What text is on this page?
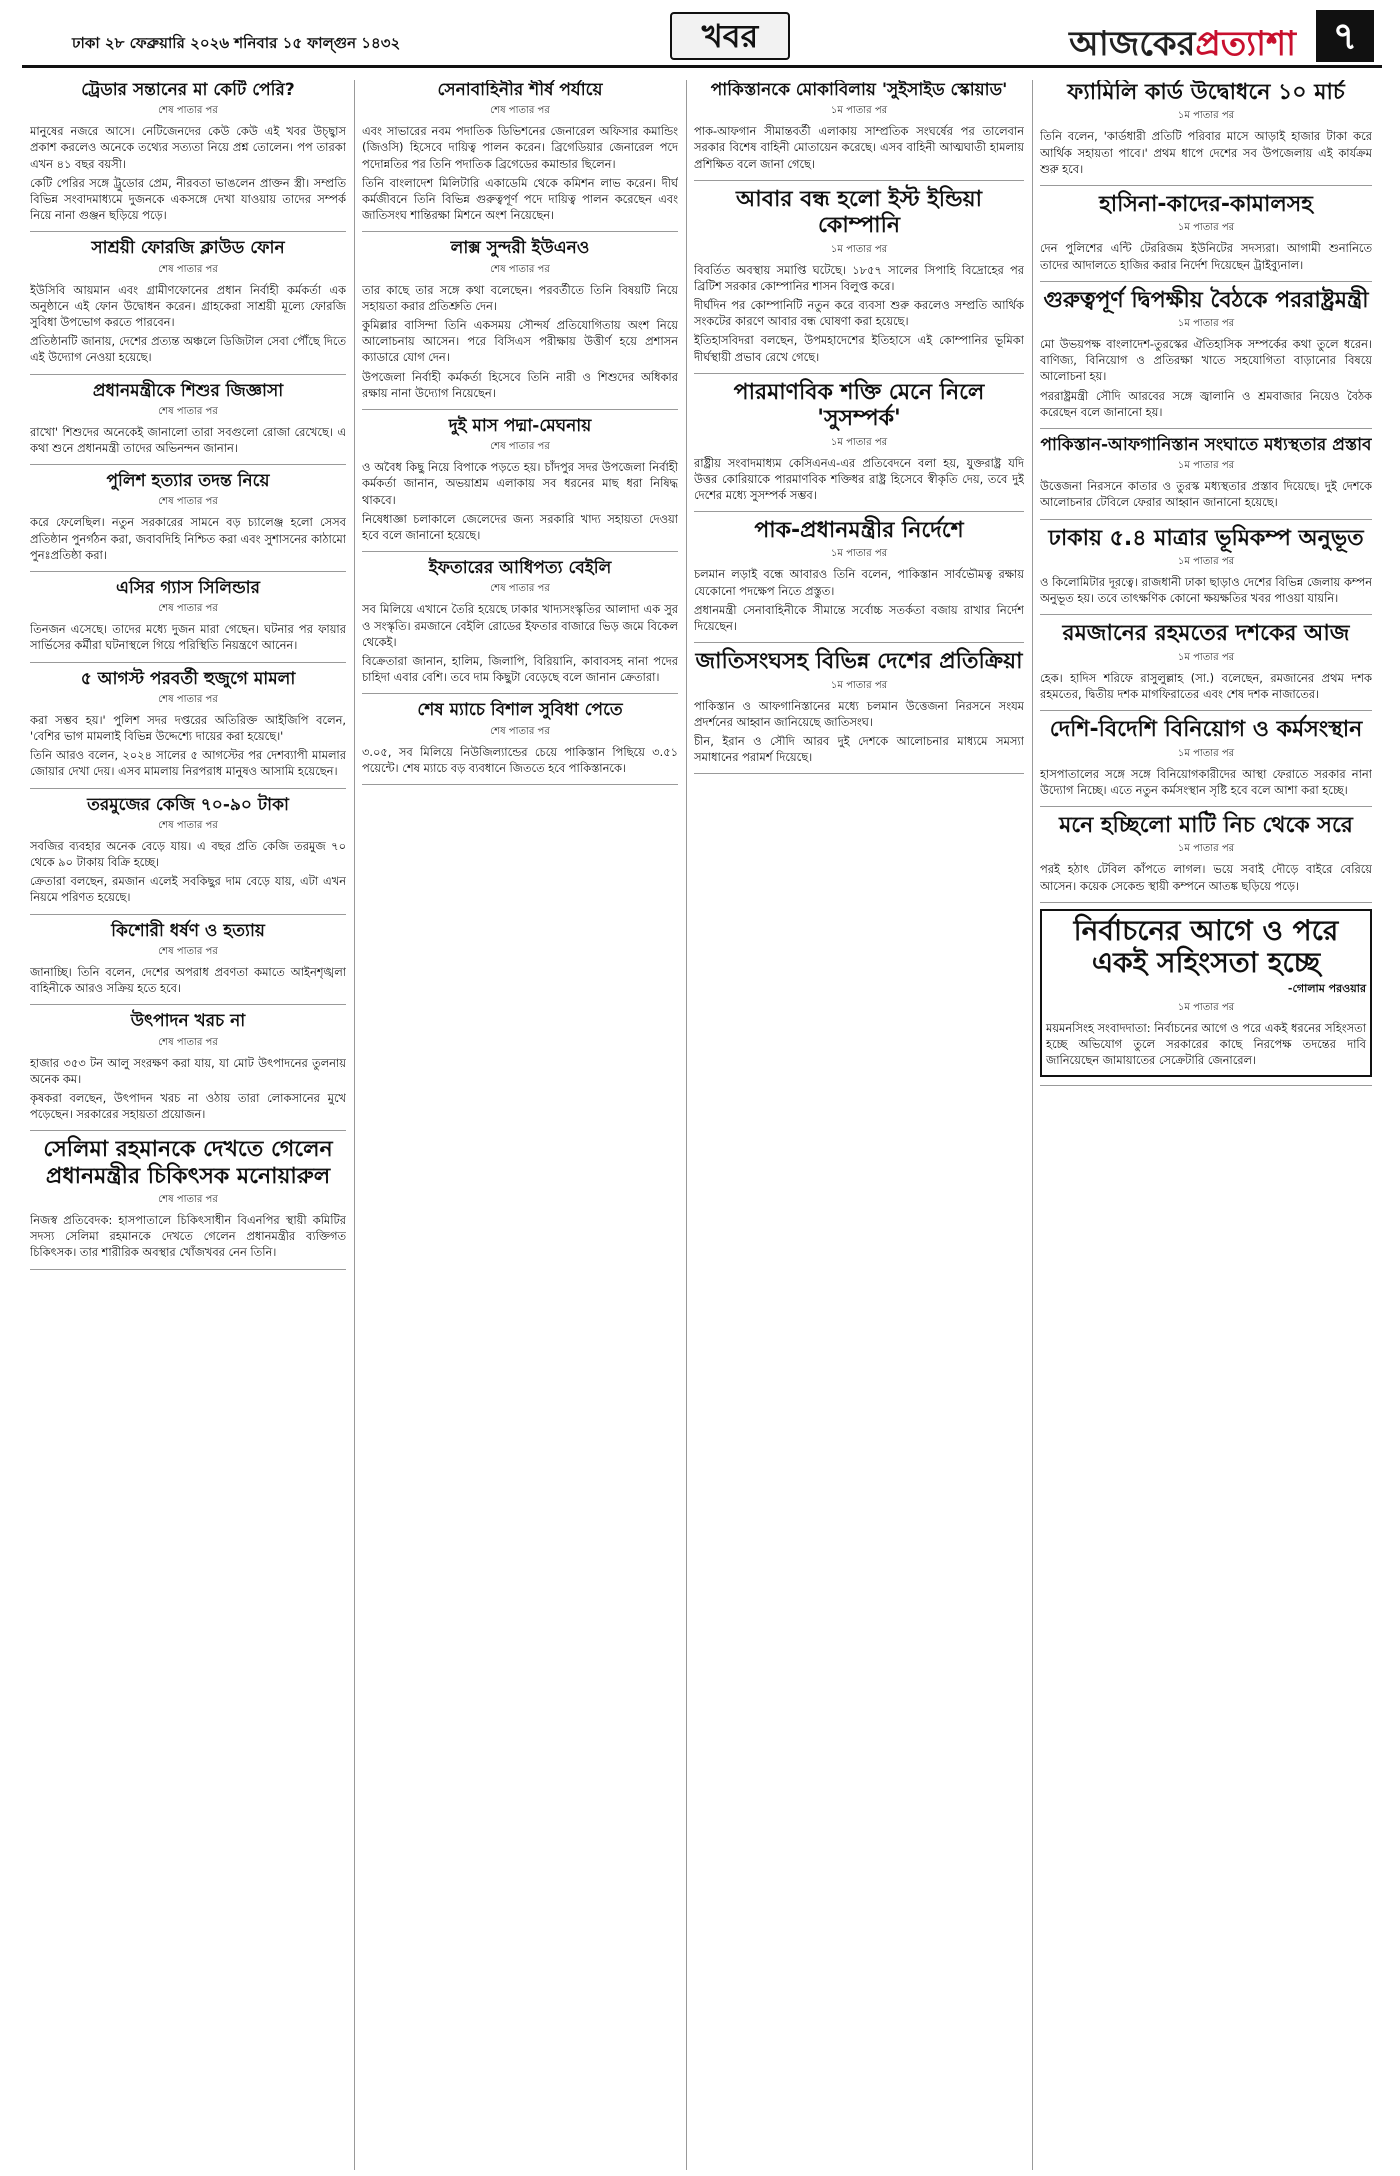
ঢাকা ২৮ ফেব্রুয়ারি ২০২৬ শনিবার ১৫ ফাল্গুন ১৪৩২	খবর	আজকেরপ্রত্যাশা ৭
ট্রেডার সন্তানের মা কেটি পেরি?
শেষ পাতার পর

মানুষের নজরে আসে। নেটিজেনদের কেউ কেউ এই খবর উচ্ছ্বাস প্রকাশ করলেও অনেকে তথ্যের সত্যতা নিয়ে প্রশ্ন তোলেন। পপ তারকা এখন ৪১ বছর বয়সী।

কেটি পেরির সঙ্গে ট্রুডোর প্রেম, নীরবতা ভাঙলেন প্রাক্তন স্ত্রী। সম্প্রতি বিভিন্ন সংবাদমাধ্যমে দুজনকে একসঙ্গে দেখা যাওয়ায় তাদের সম্পর্ক নিয়ে নানা গুঞ্জন ছড়িয়ে পড়ে।

সাশ্রয়ী ফোরজি ক্লাউড ফোন
শেষ পাতার পর

ইউসিবি আয়মান এবং গ্রামীণফোনের প্রধান নির্বাহী কর্মকর্তা এক অনুষ্ঠানে এই ফোন উদ্বোধন করেন। গ্রাহকেরা সাশ্রয়ী মূল্যে ফোরজি সুবিধা উপভোগ করতে পারবেন।

প্রতিষ্ঠানটি জানায়, দেশের প্রত্যন্ত অঞ্চলে ডিজিটাল সেবা পৌঁছে দিতে এই উদ্যোগ নেওয়া হয়েছে।

প্রধানমন্ত্রীকে শিশুর জিজ্ঞাসা
শেষ পাতার পর

রাখো' শিশুদের অনেকেই জানালো তারা সবগুলো রোজা রেখেছে। এ কথা শুনে প্রধানমন্ত্রী তাদের অভিনন্দন জানান।

পুলিশ হত্যার তদন্ত নিয়ে
শেষ পাতার পর

করে ফেলেছিল। নতুন সরকারের সামনে বড় চ্যালেঞ্জ হলো সেসব প্রতিষ্ঠান পুনর্গঠন করা, জবাবদিহি নিশ্চিত করা এবং সুশাসনের কাঠামো পুনঃপ্রতিষ্ঠা করা।

এসির গ্যাস সিলিন্ডার
শেষ পাতার পর

তিনজন এসেছে। তাদের মধ্যে দুজন মারা গেছেন। ঘটনার পর ফায়ার সার্ভিসের কর্মীরা ঘটনাস্থলে গিয়ে পরিস্থিতি নিয়ন্ত্রণে আনেন।

৫ আগস্ট পরবর্তী হুজুগে মামলা
শেষ পাতার পর

করা সম্ভব হয়।' পুলিশ সদর দপ্তরের অতিরিক্ত আইজিপি বলেন, 'বেশির ভাগ মামলাই বিভিন্ন উদ্দেশ্যে দায়ের করা হয়েছে।'

তিনি আরও বলেন, ২০২৪ সালের ৫ আগস্টের পর দেশব্যাপী মামলার জোয়ার দেখা দেয়। এসব মামলায় নিরপরাধ মানুষও আসামি হয়েছেন।

তরমুজের কেজি ৭০-৯০ টাকা
শেষ পাতার পর

সবজির ব্যবহার অনেক বেড়ে যায়। এ বছর প্রতি কেজি তরমুজ ৭০ থেকে ৯০ টাকায় বিক্রি হচ্ছে।

ক্রেতারা বলছেন, রমজান এলেই সবকিছুর দাম বেড়ে যায়, এটা এখন নিয়মে পরিণত হয়েছে।

কিশোরী ধর্ষণ ও হত্যায়
শেষ পাতার পর

জানাচ্ছি। তিনি বলেন, দেশের অপরাধ প্রবণতা কমাতে আইনশৃঙ্খলা বাহিনীকে আরও সক্রিয় হতে হবে।

উৎপাদন খরচ না
শেষ পাতার পর

হাজার ৩৫৩ টন আলু সংরক্ষণ করা যায়, যা মোট উৎপাদনের তুলনায় অনেক কম।

কৃষকরা বলছেন, উৎপাদন খরচ না ওঠায় তারা লোকসানের মুখে পড়েছেন। সরকারের সহায়তা প্রয়োজন।

সেলিমা রহমানকে দেখতে গেলেন প্রধানমন্ত্রীর চিকিৎসক মনোয়ারুল
শেষ পাতার পর

নিজস্ব প্রতিবেদক: হাসপাতালে চিকিৎসাধীন বিএনপির স্থায়ী কমিটির সদস্য সেলিমা রহমানকে দেখতে গেলেন প্রধানমন্ত্রীর ব্যক্তিগত চিকিৎসক। তার শারীরিক অবস্থার খোঁজখবর নেন তিনি।

সেনাবাহিনীর শীর্ষ পর্যায়ে
শেষ পাতার পর

এবং সাভারের নবম পদাতিক ডিভিশনের জেনারেল অফিসার কমান্ডিং (জিওসি) হিসেবে দায়িত্ব পালন করেন। ব্রিগেডিয়ার জেনারেল পদে পদোন্নতির পর তিনি পদাতিক ব্রিগেডের কমান্ডার ছিলেন।

তিনি বাংলাদেশ মিলিটারি একাডেমি থেকে কমিশন লাভ করেন। দীর্ঘ কর্মজীবনে তিনি বিভিন্ন গুরুত্বপূর্ণ পদে দায়িত্ব পালন করেছেন এবং জাতিসংঘ শান্তিরক্ষা মিশনে অংশ নিয়েছেন।

লাক্স সুন্দরী ইউএনও
শেষ পাতার পর

তার কাছে তার সঙ্গে কথা বলেছেন। পরবর্তীতে তিনি বিষয়টি নিয়ে সহায়তা করার প্রতিশ্রুতি দেন।

কুমিল্লার বাসিন্দা তিনি একসময় সৌন্দর্য প্রতিযোগিতায় অংশ নিয়ে আলোচনায় আসেন। পরে বিসিএস পরীক্ষায় উত্তীর্ণ হয়ে প্রশাসন ক্যাডারে যোগ দেন।

উপজেলা নির্বাহী কর্মকর্তা হিসেবে তিনি নারী ও শিশুদের অধিকার রক্ষায় নানা উদ্যোগ নিয়েছেন।

দুই মাস পদ্মা-মেঘনায়
শেষ পাতার পর

ও অবৈধ কিছু নিয়ে বিপাকে পড়তে হয়। চাঁদপুর সদর উপজেলা নির্বাহী কর্মকর্তা জানান, অভয়াশ্রম এলাকায় সব ধরনের মাছ ধরা নিষিদ্ধ থাকবে।

নিষেধাজ্ঞা চলাকালে জেলেদের জন্য সরকারি খাদ্য সহায়তা দেওয়া হবে বলে জানানো হয়েছে।

ইফতারের আধিপত্য বেইলি
শেষ পাতার পর

সব মিলিয়ে এখানে তৈরি হয়েছে ঢাকার খাদ্যসংস্কৃতির আলাদা এক সুর ও সংস্কৃতি। রমজানে বেইলি রোডের ইফতার বাজারে ভিড় জমে বিকেল থেকেই।

বিক্রেতারা জানান, হালিম, জিলাপি, বিরিয়ানি, কাবাবসহ নানা পদের চাহিদা এবার বেশি। তবে দাম কিছুটা বেড়েছে বলে জানান ক্রেতারা।

শেষ ম্যাচে বিশাল সুবিধা পেতে
শেষ পাতার পর

৩.০৫, সব মিলিয়ে নিউজিল্যান্ডের চেয়ে পাকিস্তান পিছিয়ে ৩.৫১ পয়েন্টে। শেষ ম্যাচে বড় ব্যবধানে জিততে হবে পাকিস্তানকে।

পাকিস্তানকে মোকাবিলায় 'সুইসাইড স্কোয়াড'
১ম পাতার পর

পাক-আফগান সীমান্তবর্তী এলাকায় সাম্প্রতিক সংঘর্ষের পর তালেবান সরকার বিশেষ বাহিনী মোতায়েন করেছে। এসব বাহিনী আত্মঘাতী হামলায় প্রশিক্ষিত বলে জানা গেছে।

আবার বন্ধ হলো ইস্ট ইন্ডিয়া কোম্পানি
১ম পাতার পর

বিবর্তিত অবস্থায় সমাপ্তি ঘটেছে। ১৮৫৭ সালের সিপাহি বিদ্রোহের পর ব্রিটিশ সরকার কোম্পানির শাসন বিলুপ্ত করে।

দীর্ঘদিন পর কোম্পানিটি নতুন করে ব্যবসা শুরু করলেও সম্প্রতি আর্থিক সংকটের কারণে আবার বন্ধ ঘোষণা করা হয়েছে।

ইতিহাসবিদরা বলছেন, উপমহাদেশের ইতিহাসে এই কোম্পানির ভূমিকা দীর্ঘস্থায়ী প্রভাব রেখে গেছে।

পারমাণবিক শক্তি মেনে নিলে 'সুসম্পর্ক'
১ম পাতার পর

রাষ্ট্রীয় সংবাদমাধ্যম কেসিএনএ-এর প্রতিবেদনে বলা হয়, যুক্তরাষ্ট্র যদি উত্তর কোরিয়াকে পারমাণবিক শক্তিধর রাষ্ট্র হিসেবে স্বীকৃতি দেয়, তবে দুই দেশের মধ্যে সুসম্পর্ক সম্ভব।

পাক-প্রধানমন্ত্রীর নির্দেশে
১ম পাতার পর

চলমান লড়াই বন্ধে আবারও তিনি বলেন, পাকিস্তান সার্বভৌমত্ব রক্ষায় যেকোনো পদক্ষেপ নিতে প্রস্তুত।

প্রধানমন্ত্রী সেনাবাহিনীকে সীমান্তে সর্বোচ্চ সতর্কতা বজায় রাখার নির্দেশ দিয়েছেন।

জাতিসংঘসহ বিভিন্ন দেশের প্রতিক্রিয়া
১ম পাতার পর

পাকিস্তান ও আফগানিস্তানের মধ্যে চলমান উত্তেজনা নিরসনে সংযম প্রদর্শনের আহ্বান জানিয়েছে জাতিসংঘ।

চীন, ইরান ও সৌদি আরব দুই দেশকে আলোচনার মাধ্যমে সমস্যা সমাধানের পরামর্শ দিয়েছে।

ফ্যামিলি কার্ড উদ্বোধনে ১০ মার্চ
১ম পাতার পর

তিনি বলেন, 'কার্ডধারী প্রতিটি পরিবার মাসে আড়াই হাজার টাকা করে আর্থিক সহায়তা পাবে।' প্রথম ধাপে দেশের সব উপজেলায় এই কার্যক্রম শুরু হবে।

হাসিনা-কাদের-কামালসহ
১ম পাতার পর

দেন পুলিশের এন্টি টেররিজম ইউনিটের সদস্যরা। আগামী শুনানিতে তাদের আদালতে হাজির করার নির্দেশ দিয়েছেন ট্রাইব্যুনাল।

গুরুত্বপূর্ণ দ্বিপক্ষীয় বৈঠকে পররাষ্ট্রমন্ত্রী
১ম পাতার পর

মো উভয়পক্ষ বাংলাদেশ-তুরস্কের ঐতিহাসিক সম্পর্কের কথা তুলে ধরেন। বাণিজ্য, বিনিয়োগ ও প্রতিরক্ষা খাতে সহযোগিতা বাড়ানোর বিষয়ে আলোচনা হয়।

পররাষ্ট্রমন্ত্রী সৌদি আরবের সঙ্গে জ্বালানি ও শ্রমবাজার নিয়েও বৈঠক করেছেন বলে জানানো হয়।

পাকিস্তান-আফগানিস্তান সংঘাতে মধ্যস্থতার প্রস্তাব
১ম পাতার পর

উত্তেজনা নিরসনে কাতার ও তুরস্ক মধ্যস্থতার প্রস্তাব দিয়েছে। দুই দেশকে আলোচনার টেবিলে ফেরার আহ্বান জানানো হয়েছে।

ঢাকায় ৫.৪ মাত্রার ভূমিকম্প অনুভূত
১ম পাতার পর

ও কিলোমিটার দূরত্বে। রাজধানী ঢাকা ছাড়াও দেশের বিভিন্ন জেলায় কম্পন অনুভূত হয়। তবে তাৎক্ষণিক কোনো ক্ষয়ক্ষতির খবর পাওয়া যায়নি।

রমজানের রহমতের দশকের আজ
১ম পাতার পর

হেক। হাদিস শরিফে রাসুলুল্লাহ (সা.) বলেছেন, রমজানের প্রথম দশক রহমতের, দ্বিতীয় দশক মাগফিরাতের এবং শেষ দশক নাজাতের।

দেশি-বিদেশি বিনিয়োগ ও কর্মসংস্থান
১ম পাতার পর

হাসপাতালের সঙ্গে সঙ্গে বিনিয়োগকারীদের আস্থা ফেরাতে সরকার নানা উদ্যোগ নিচ্ছে। এতে নতুন কর্মসংস্থান সৃষ্টি হবে বলে আশা করা হচ্ছে।

মনে হচ্ছিলো মাটি নিচ থেকে সরে
১ম পাতার পর

পরই হঠাৎ টেবিল কাঁপতে লাগল। ভয়ে সবাই দৌড়ে বাইরে বেরিয়ে আসেন। কয়েক সেকেন্ড স্থায়ী কম্পনে আতঙ্ক ছড়িয়ে পড়ে।

নির্বাচনের আগে ও পরে একই সহিংসতা হচ্ছে

-গোলাম পরওয়ার

১ম পাতার পর

ময়মনসিংহ সংবাদদাতা: নির্বাচনের আগে ও পরে একই ধরনের সহিংসতা হচ্ছে অভিযোগ তুলে সরকারের কাছে নিরপেক্ষ তদন্তের দাবি জানিয়েছেন জামায়াতের সেক্রেটারি জেনারেল।
